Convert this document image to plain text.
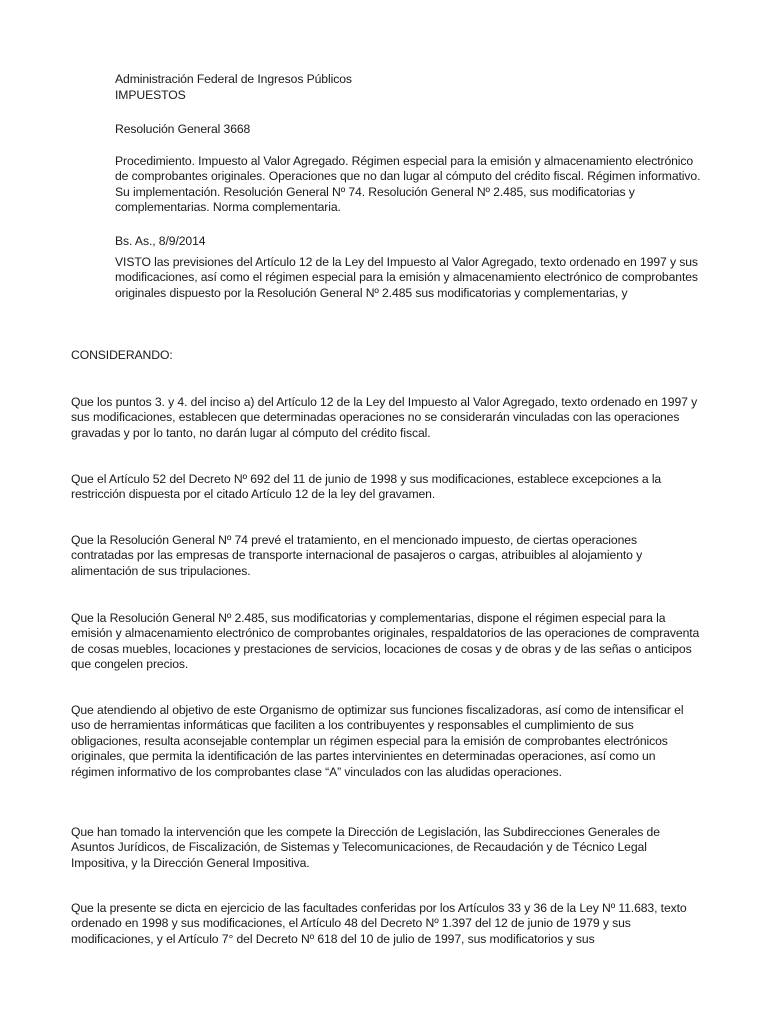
Administración Federal de Ingresos Públicos

IMPUESTOS

Resolución General 3668

Procedimiento. Impuesto al Valor Agregado. Régimen especial para la emisión y almacenamiento electrónico de comprobantes originales. Operaciones que no dan lugar al cómputo del crédito fiscal. Régimen informativo. Su implementación. Resolución General Nº 74. Resolución General Nº 2.485, sus modificatorias y complementarias. Norma complementaria.

Bs. As., 8/9/2014

VISTO las previsiones del Artículo 12 de la Ley del Impuesto al Valor Agregado, texto ordenado en 1997 y sus modificaciones, así como el régimen especial para la emisión y almacenamiento electrónico de comprobantes originales dispuesto por la Resolución General Nº 2.485 sus modificatorias y complementarias, y

CONSIDERANDO:

Que los puntos 3. y 4. del inciso a) del Artículo 12 de la Ley del Impuesto al Valor Agregado, texto ordenado en 1997 y sus modificaciones, establecen que determinadas operaciones no se considerarán vinculadas con las operaciones gravadas y por lo tanto, no darán lugar al cómputo del crédito fiscal.

Que el Artículo 52 del Decreto Nº 692 del 11 de junio de 1998 y sus modificaciones, establece excepciones a la restricción dispuesta por el citado Artículo 12 de la ley del gravamen.

Que la Resolución General Nº 74 prevé el tratamiento, en el mencionado impuesto, de ciertas operaciones contratadas por las empresas de transporte internacional de pasajeros o cargas, atribuibles al alojamiento y alimentación de sus tripulaciones.

Que la Resolución General Nº 2.485, sus modificatorias y complementarias, dispone el régimen especial para la emisión y almacenamiento electrónico de comprobantes originales, respaldatorios de las operaciones de compraventa de cosas muebles, locaciones y prestaciones de servicios, locaciones de cosas y de obras y de las señas o anticipos que congelen precios.

Que atendiendo al objetivo de este Organismo de optimizar sus funciones fiscalizadoras, así como de intensificar el uso de herramientas informáticas que faciliten a los contribuyentes y responsables el cumplimiento de sus obligaciones, resulta aconsejable contemplar un régimen especial para la emisión de comprobantes electrónicos originales, que permita la identificación de las partes intervinientes en determinadas operaciones, así como un régimen informativo de los comprobantes clase “A” vinculados con las aludidas operaciones.

Que han tomado la intervención que les compete la Dirección de Legislación, las Subdirecciones Generales de Asuntos Jurídicos, de Fiscalización, de Sistemas y Telecomunicaciones, de Recaudación y de Técnico Legal Impositiva, y la Dirección General Impositiva.

Que la presente se dicta en ejercicio de las facultades conferidas por los Artículos 33 y 36 de la Ley Nº 11.683, texto ordenado en 1998 y sus modificaciones, el Artículo 48 del Decreto Nº 1.397 del 12 de junio de 1979 y sus modificaciones, y el Artículo 7° del Decreto Nº 618 del 10 de julio de 1997, sus modificatorios y sus
